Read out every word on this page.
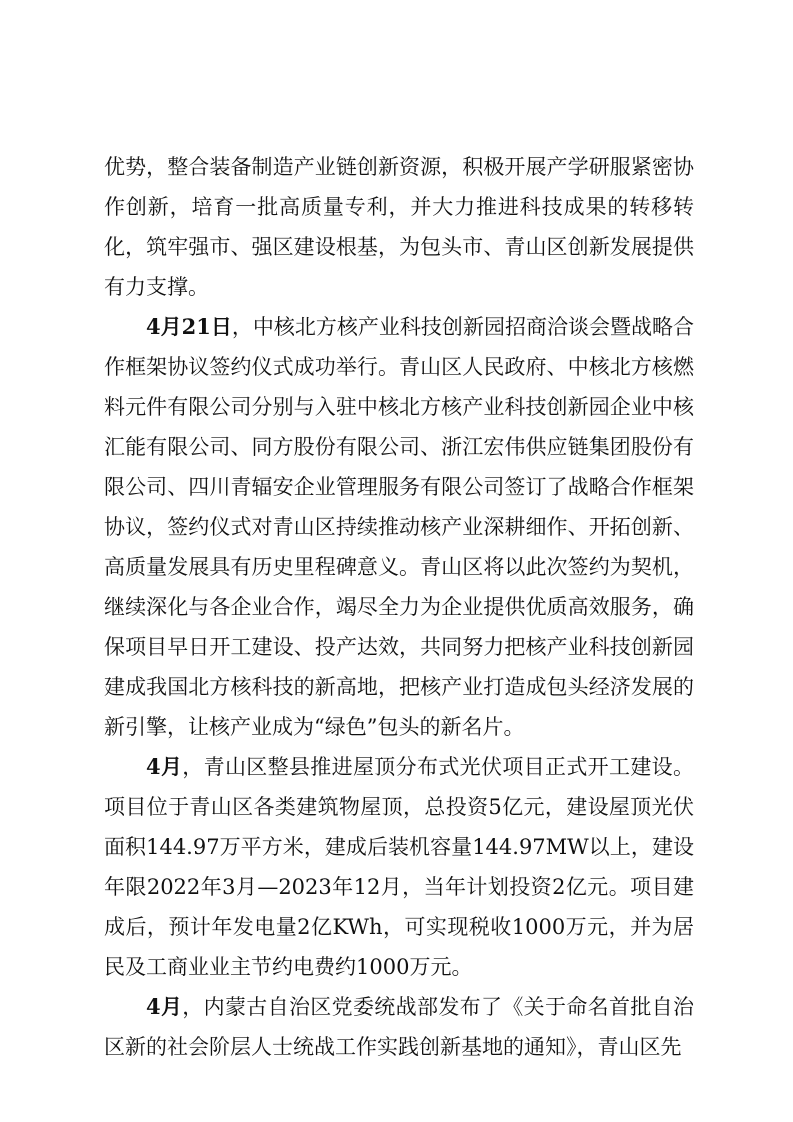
优势，整合装备制造产业链创新资源，积极开展产学研服紧密协作创新，培育一批高质量专利，并大力推进科技成果的转移转化，筑牢强市、强区建设根基，为包头市、青山区创新发展提供有力支撑。

4月21日，中核北方核产业科技创新园招商洽谈会暨战略合作框架协议签约仪式成功举行。青山区人民政府、中核北方核燃料元件有限公司分别与入驻中核北方核产业科技创新园企业中核汇能有限公司、同方股份有限公司、浙江宏伟供应链集团股份有限公司、四川青辐安企业管理服务有限公司签订了战略合作框架协议，签约仪式对青山区持续推动核产业深耕细作、开拓创新、高质量发展具有历史里程碑意义。青山区将以此次签约为契机，继续深化与各企业合作，竭尽全力为企业提供优质高效服务，确保项目早日开工建设、投产达效，共同努力把核产业科技创新园建成我国北方核科技的新高地，把核产业打造成包头经济发展的新引擎，让核产业成为“绿色”包头的新名片。

4月，青山区整县推进屋顶分布式光伏项目正式开工建设。项目位于青山区各类建筑物屋顶，总投资5亿元，建设屋顶光伏面积144.97万平方米，建成后装机容量144.97MW以上，建设年限2022年3月—2023年12月，当年计划投资2亿元。项目建成后，预计年发电量2亿KWh，可实现税收1000万元，并为居民及工商业业主节约电费约1000万元。

4月，内蒙古自治区党委统战部发布了《关于命名首批自治区新的社会阶层人士统战工作实践创新基地的通知》，青山区先
